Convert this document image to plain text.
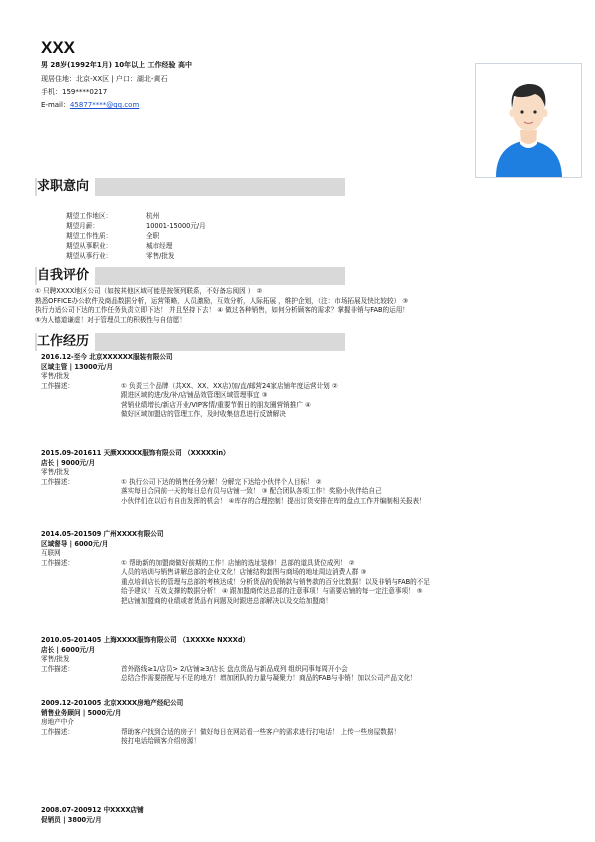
XXX
男 28岁(1992年1月) 10年以上 工作经验 高中
现居住地：北京-XX区 | 户口：湖北-黄石
手机：159****0217
E-mail：45877****@qq.com
求职意向
期望工作地区：	杭州
期望月薪：	10001-15000元/月
期望工作性质：	全职
期望从事职业：	城市经理
期望从事行业：	零售/批发
自我评价
① 只聘XXXX地区公司（如按其他区域可能是按领列联系，不好备忘阅因 ） ②
熟悉OFFICE办公软件及商品数据分析，运营策略，人员激励，互效分析，人际拓展 ，维护企划，（注：市场拓展及快比较较） ③
执行力适公司下达的工作任务负责立即下达！ 并且坚持下去！ ④ 做过各种销售，如何分析顾客的需求？掌握非销与FAB的运用！
⑤为人德道谦虚！对于管理员工的积极性与自信愿！
工作经历
2016.12-至今 北京XXXXXX服装有限公司
区域主管 | 13000元/月
零售/批发
工作描述：	① 负责三个品牌（共XX、XX、XX店)加/直/邮营24家店铺年度运营计划 ②
跟进区域的进/发/补/店铺品效管理区域管理事宜 ③
营销业绩增长/新店开业/VIP客情/重要节假日的朋友圈营销推广 ④
做好区域加盟店的管理工作，及时收集信息进行反馈解决
2015.09-201611 天颜XXXXX服饰有限公司 （XXXXXin）
店长 | 9000元/月
零售/批发
工作描述：	① 执行公司下达的销售任务分解！分解完下达给小伙伴个人目标！ ②
落实每日合同前一天的每日总有员与店铺一致！ ③ 配合团队各项工作！奖励小伙伴给自己
小伙伴们在以后有自由发挥的机会！ ④库存的合理控制！提出订货安排在库的盘点工作并编制相关报表！
2014.05-201509 广州XXXX有限公司
区域督导 | 6000元/月
互联网
工作描述：	① 帮助新的加盟商做好前期的工作！店铺的选址装修！总部的道具货位成列！ ②
人员的培训与销售讲解总部的企业文化！店铺结构套图与商场的地址周边消费人群 ③
重点培训店长的管理与总部的考核达成！分析货品的促销款与销售款的百分比数据！以及非销与FAB的不足
给予建议！互效支撑的数据分析！ ④ 跟加盟商传达总部的注意事项！与需要店铺的每一定注意事项！ ⑤
把店铺加盟商的业绩或者货品有问题及时跟进总部解决以及交给加盟商！
2010.05-201405 上海XXXX服饰有限公司 （1XXXXe NXXXd）
店长 | 6000元/月
零售/批发
工作描述：	首外路线≥1/店员> 2/店铺≥3/店长 盘点货品与新品成列 组织同事每周开小会
总结合作需要搭配与不足的地方！增加团队的力量与凝聚力！商品的FAB与非销！加以公司产品文化！
2009.12-201005 北京XXXX房地产经纪公司
销售业务顾问 | 5000元/月
房地产中介
工作描述：	帮助客户找到合适的房子！做好每日在网站看一些客户的需求进行打电话！ 上传一些房屋数据！
按打电话给顾客介绍房源！
2008.07-200912 中XXXX店铺
促销员 | 3800元/月
